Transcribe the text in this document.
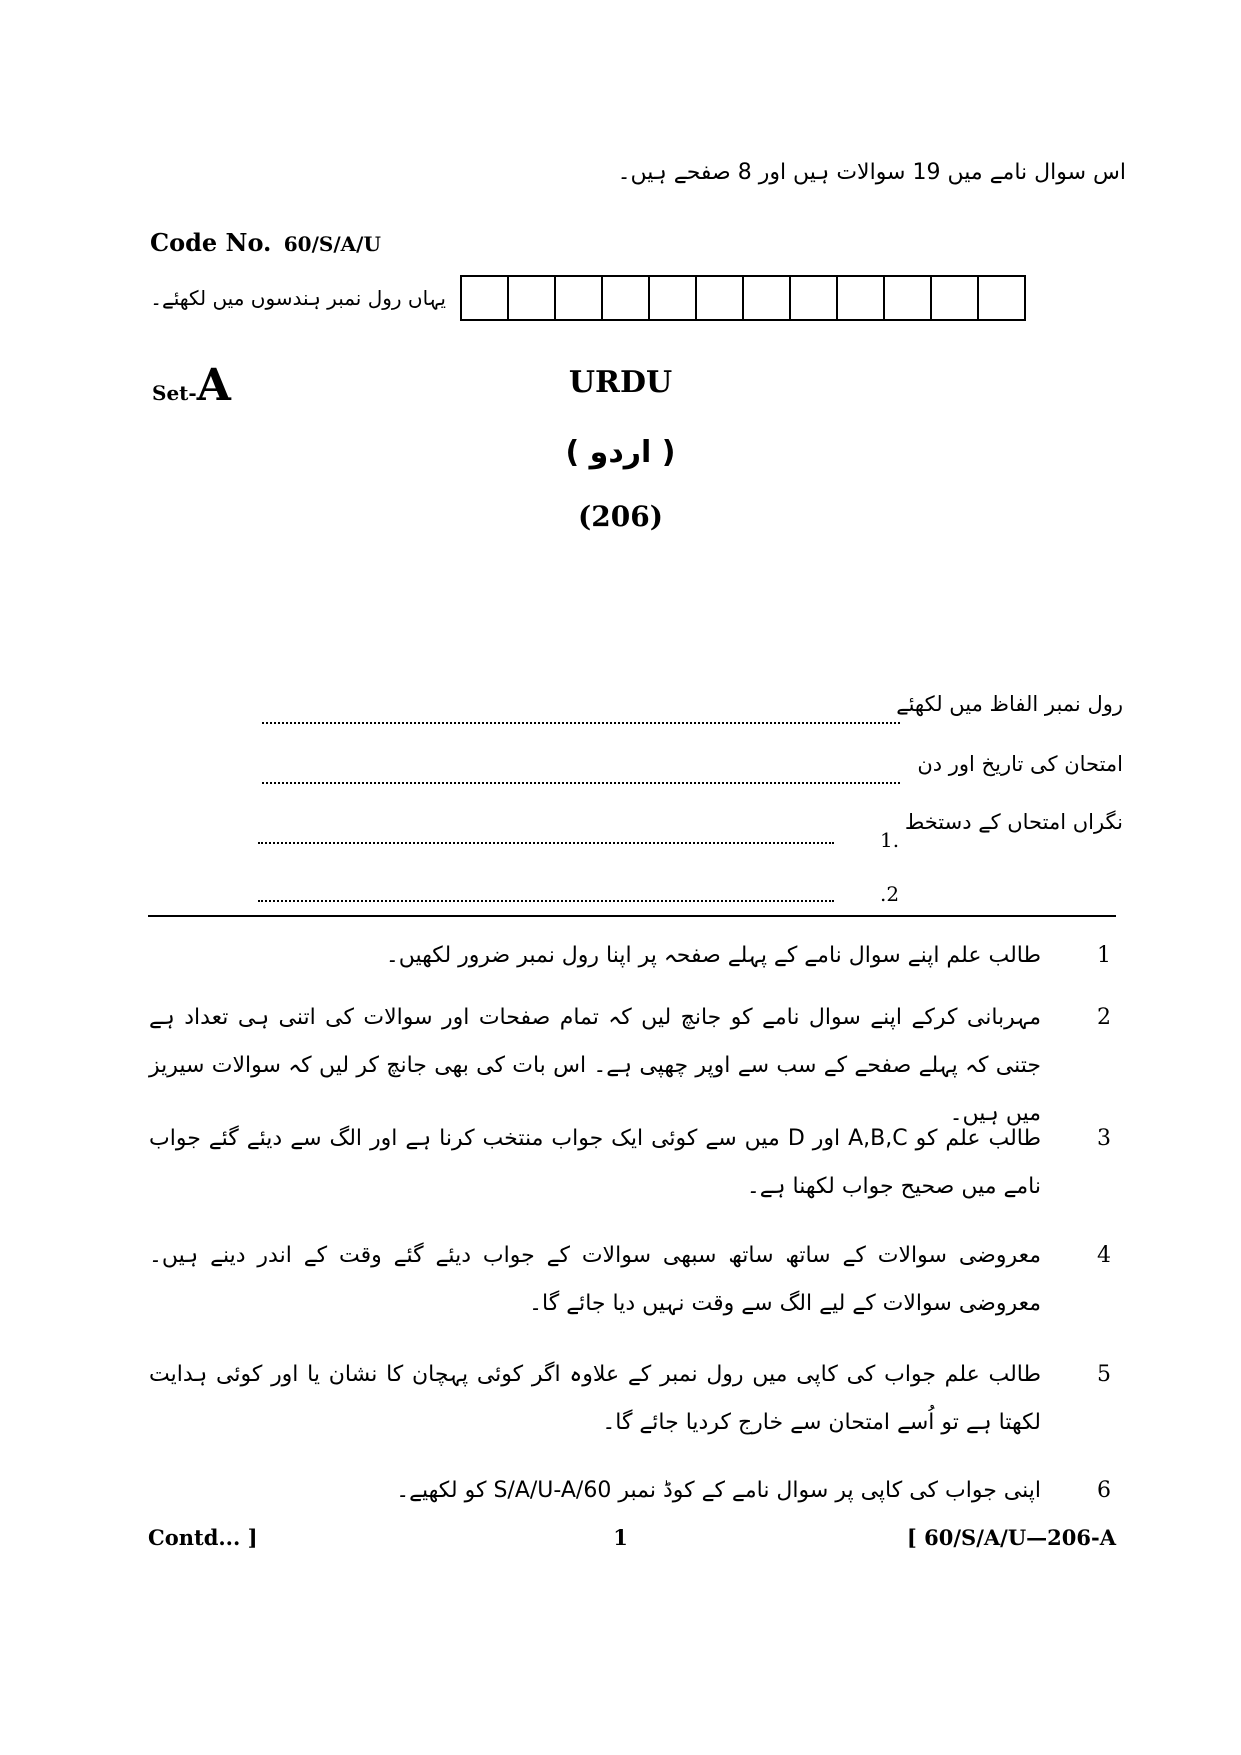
اس سوال نامے میں 19 سوالات ہیں اور 8 صفحے ہیں۔
Code No. 60/S/A/U
یہاں رول نمبر ہندسوں میں لکھئے۔
Set-A	URDU
( اردو )
(206)
رول نمبر الفاظ میں لکھئے
امتحان کی تاریخ اور دن
نگراں امتحاں کے دستخط
1.
.2
1
طالب علم اپنے سوال نامے کے پہلے صفحہ پر اپنا رول نمبر ضرور لکھیں۔
2
مہربانی کرکے اپنے سوال نامے کو جانچ لیں کہ تمام صفحات اور سوالات کی اتنی ہی تعداد ہے جتنی کہ پہلے صفحے کے سب سے اوپر چھپی ہے۔ اس بات کی بھی جانچ کر لیں کہ سوالات سیریز میں ہیں۔
3
طالب علم کو A,B,C اور D میں سے کوئی ایک جواب منتخب کرنا ہے اور الگ سے دیئے گئے جواب نامے میں صحیح جواب لکھنا ہے۔
4
معروضی سوالات کے ساتھ ساتھ سبھی سوالات کے جواب دیئے گئے وقت کے اندر دینے ہیں۔ معروضی سوالات کے لیے الگ سے وقت نہیں دیا جائے گا۔
5
طالب علم جواب کی کاپی میں رول نمبر کے علاوہ اگر کوئی پہچان کا نشان یا اور کوئی ہدایت لکھتا ہے تو اُسے امتحان سے خارج کردیا جائے گا۔
6
اپنی جواب کی کاپی پر سوال نامے کے کوڈ نمبر 60/S/A/U-A کو لکھیے۔
Contd... ]	1	[ 60/S/A/U—206-A
